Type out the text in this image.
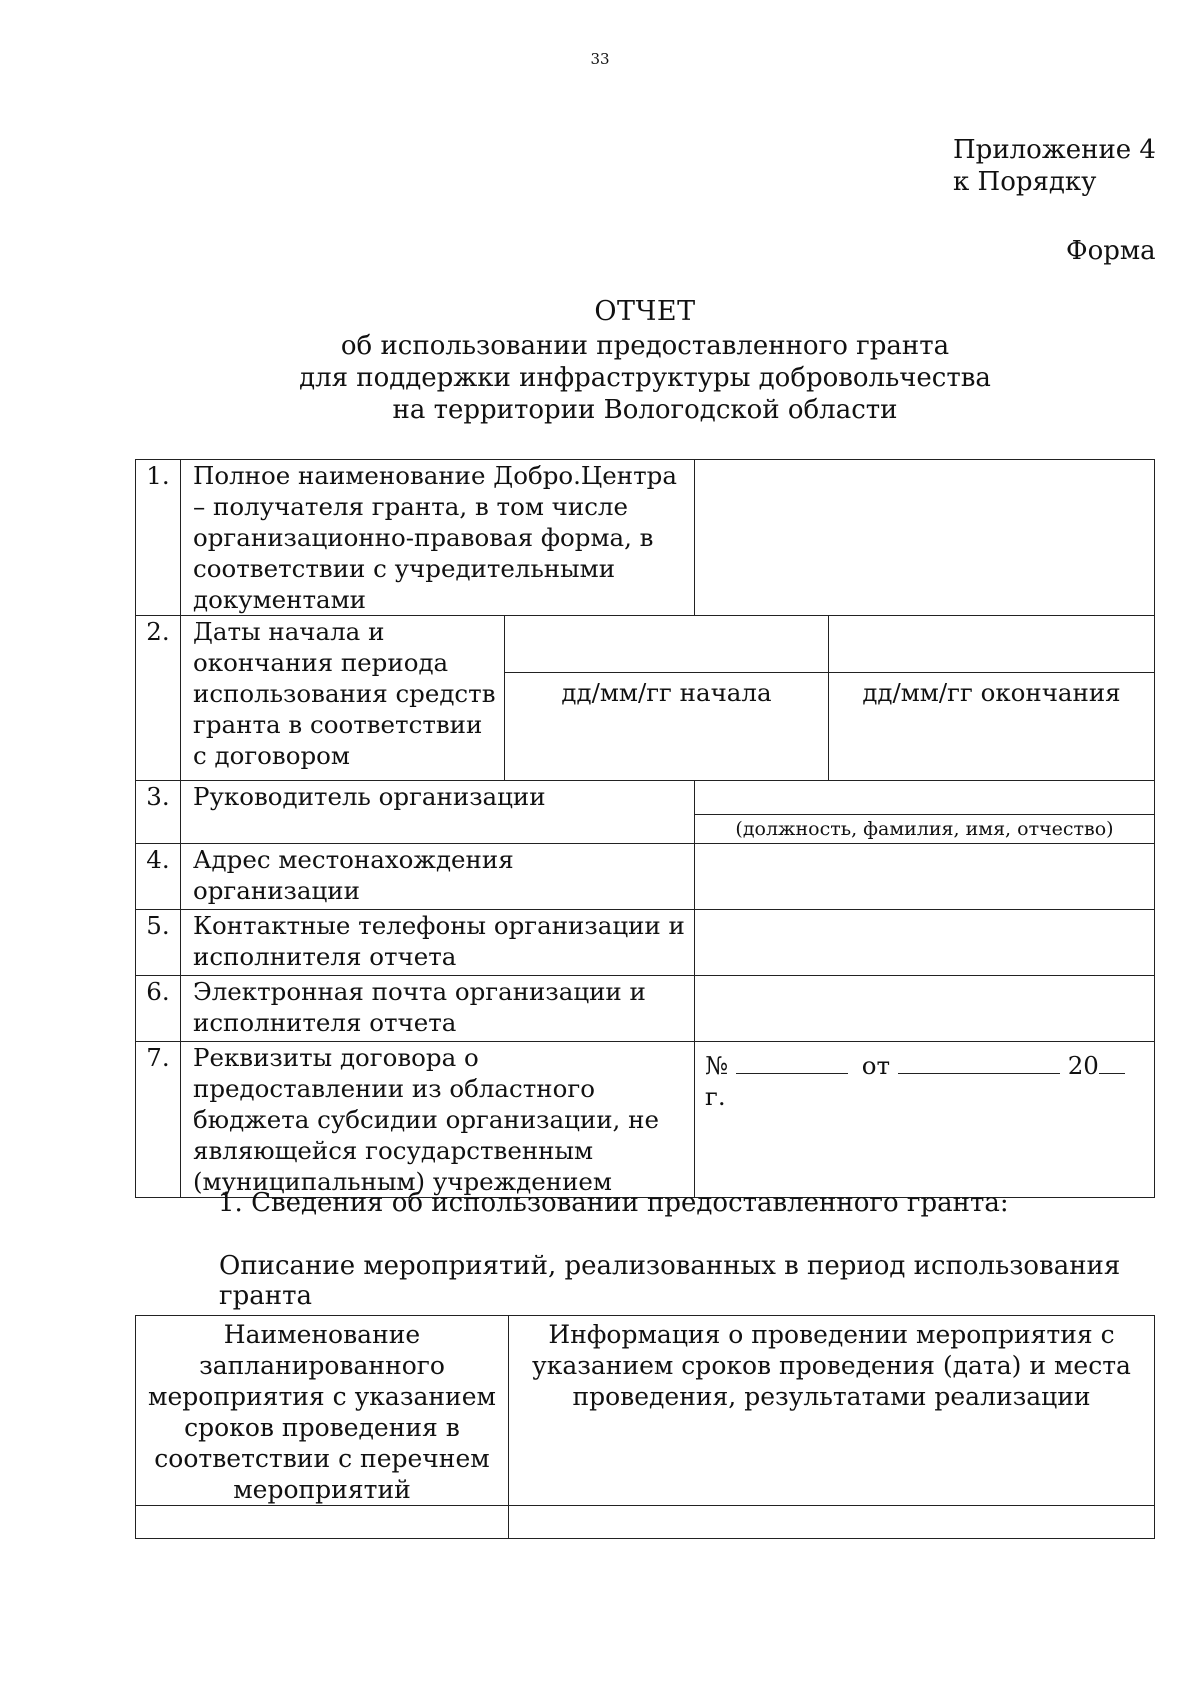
33
Приложение 4
к Порядку
Форма
ОТЧЕТ
об использовании предоставленного гранта
для поддержки инфраструктуры добровольчества
на территории Вологодской области
1.	Полное наименование Добро.Центра – получателя гранта, в том числе организационно-правовая форма, в соответствии с учредительными документами			
2.	Даты начала и окончания периода использования средств гранта в соответствии с договором	дд/мм/гг начала		дд/мм/гг окончания

3.	Руководитель организации		(должность, фамилия, имя, отчество)	

4.	Адрес местонахождения организации			
5.	Контактные телефоны организации и исполнителя отчета			
6.	Электронная почта организации и исполнителя отчета			
7.	Реквизиты договора о предоставлении из областного бюджета субсидии организации, не являющейся государственным (муниципальным) учреждением		№ от 20
г.	
1. Сведения об использовании предоставленного гранта:
Описание мероприятий, реализованных в период использования гранта
Наименование запланированного мероприятия с указанием сроков проведения в соответствии с перечнем мероприятий	Информация о проведении мероприятия с указанием сроков проведения (дата) и места проведения, результатами реализации
